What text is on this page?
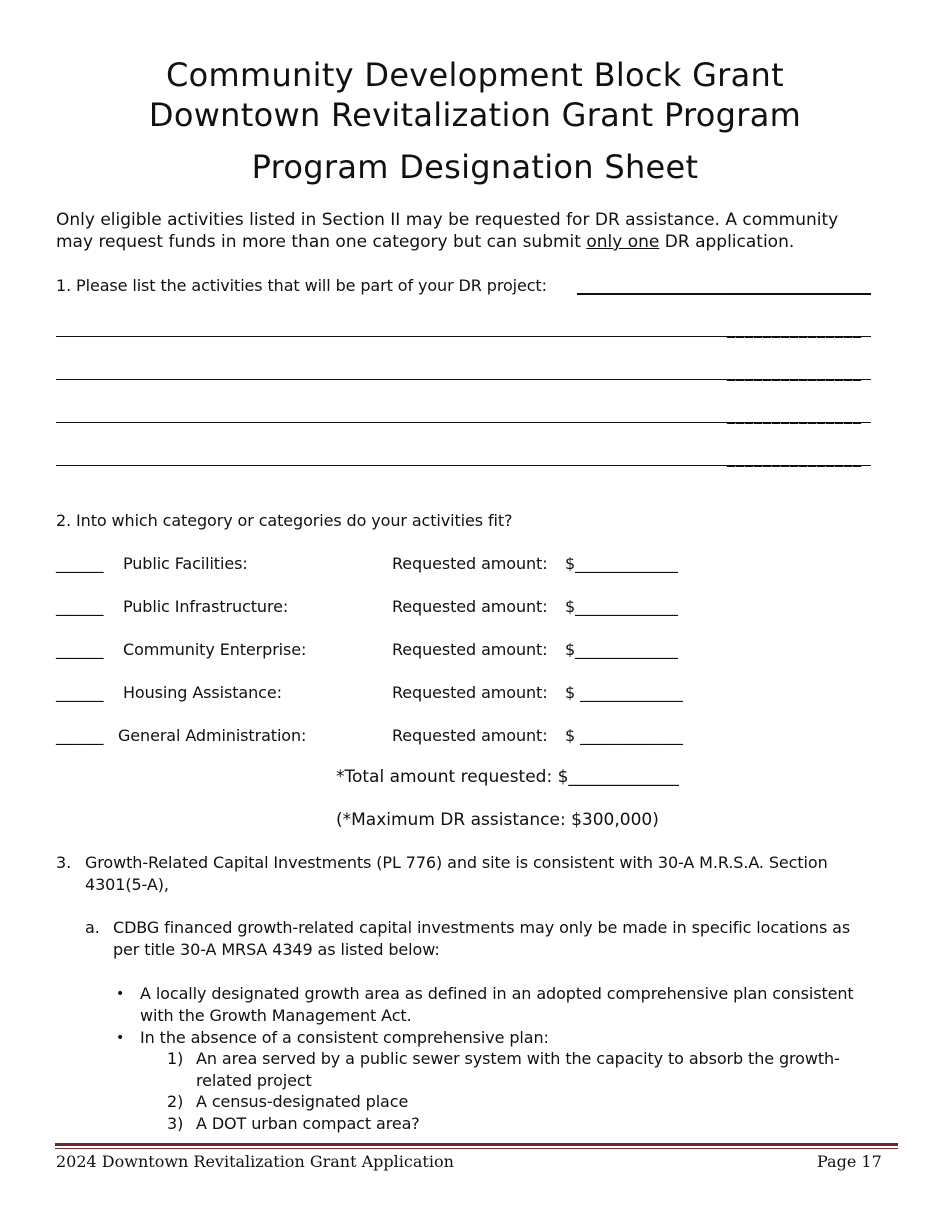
Community Development Block Grant
Downtown Revitalization Grant Program
Program Designation Sheet
Only eligible activities listed in Section II may be requested for DR assistance. A community
may request funds in more than one category but can submit only one DR application.
1. Please list the activities that will be part of your DR project:	_______________
_______________
_______________
_______________
_______________
2. Into which category or categories do your activities fit?
______ Public Facilities:	Requested amount: $_____________
______ Public Infrastructure:	Requested amount: $_____________
______ Community Enterprise:	Requested amount: $_____________
______ Housing Assistance:	Requested amount: $ _____________
______ General Administration:	Requested amount: $ _____________
*Total amount requested: $_____________
(*Maximum DR assistance: $300,000)
3. Growth-Related Capital Investments (PL 776) and site is consistent with 30-A M.R.S.A. Section
4301(5-A),
a. CDBG financed growth-related capital investments may only be made in specific locations as
per title 30-A MRSA 4349 as listed below:
• A locally designated growth area as defined in an adopted comprehensive plan consistent
with the Growth Management Act.
• In the absence of a consistent comprehensive plan:
1) An area served by a public sewer system with the capacity to absorb the growth-
related project
2) A census-designated place
3) A DOT urban compact area?
2024 Downtown Revitalization Grant Application	Page 17
